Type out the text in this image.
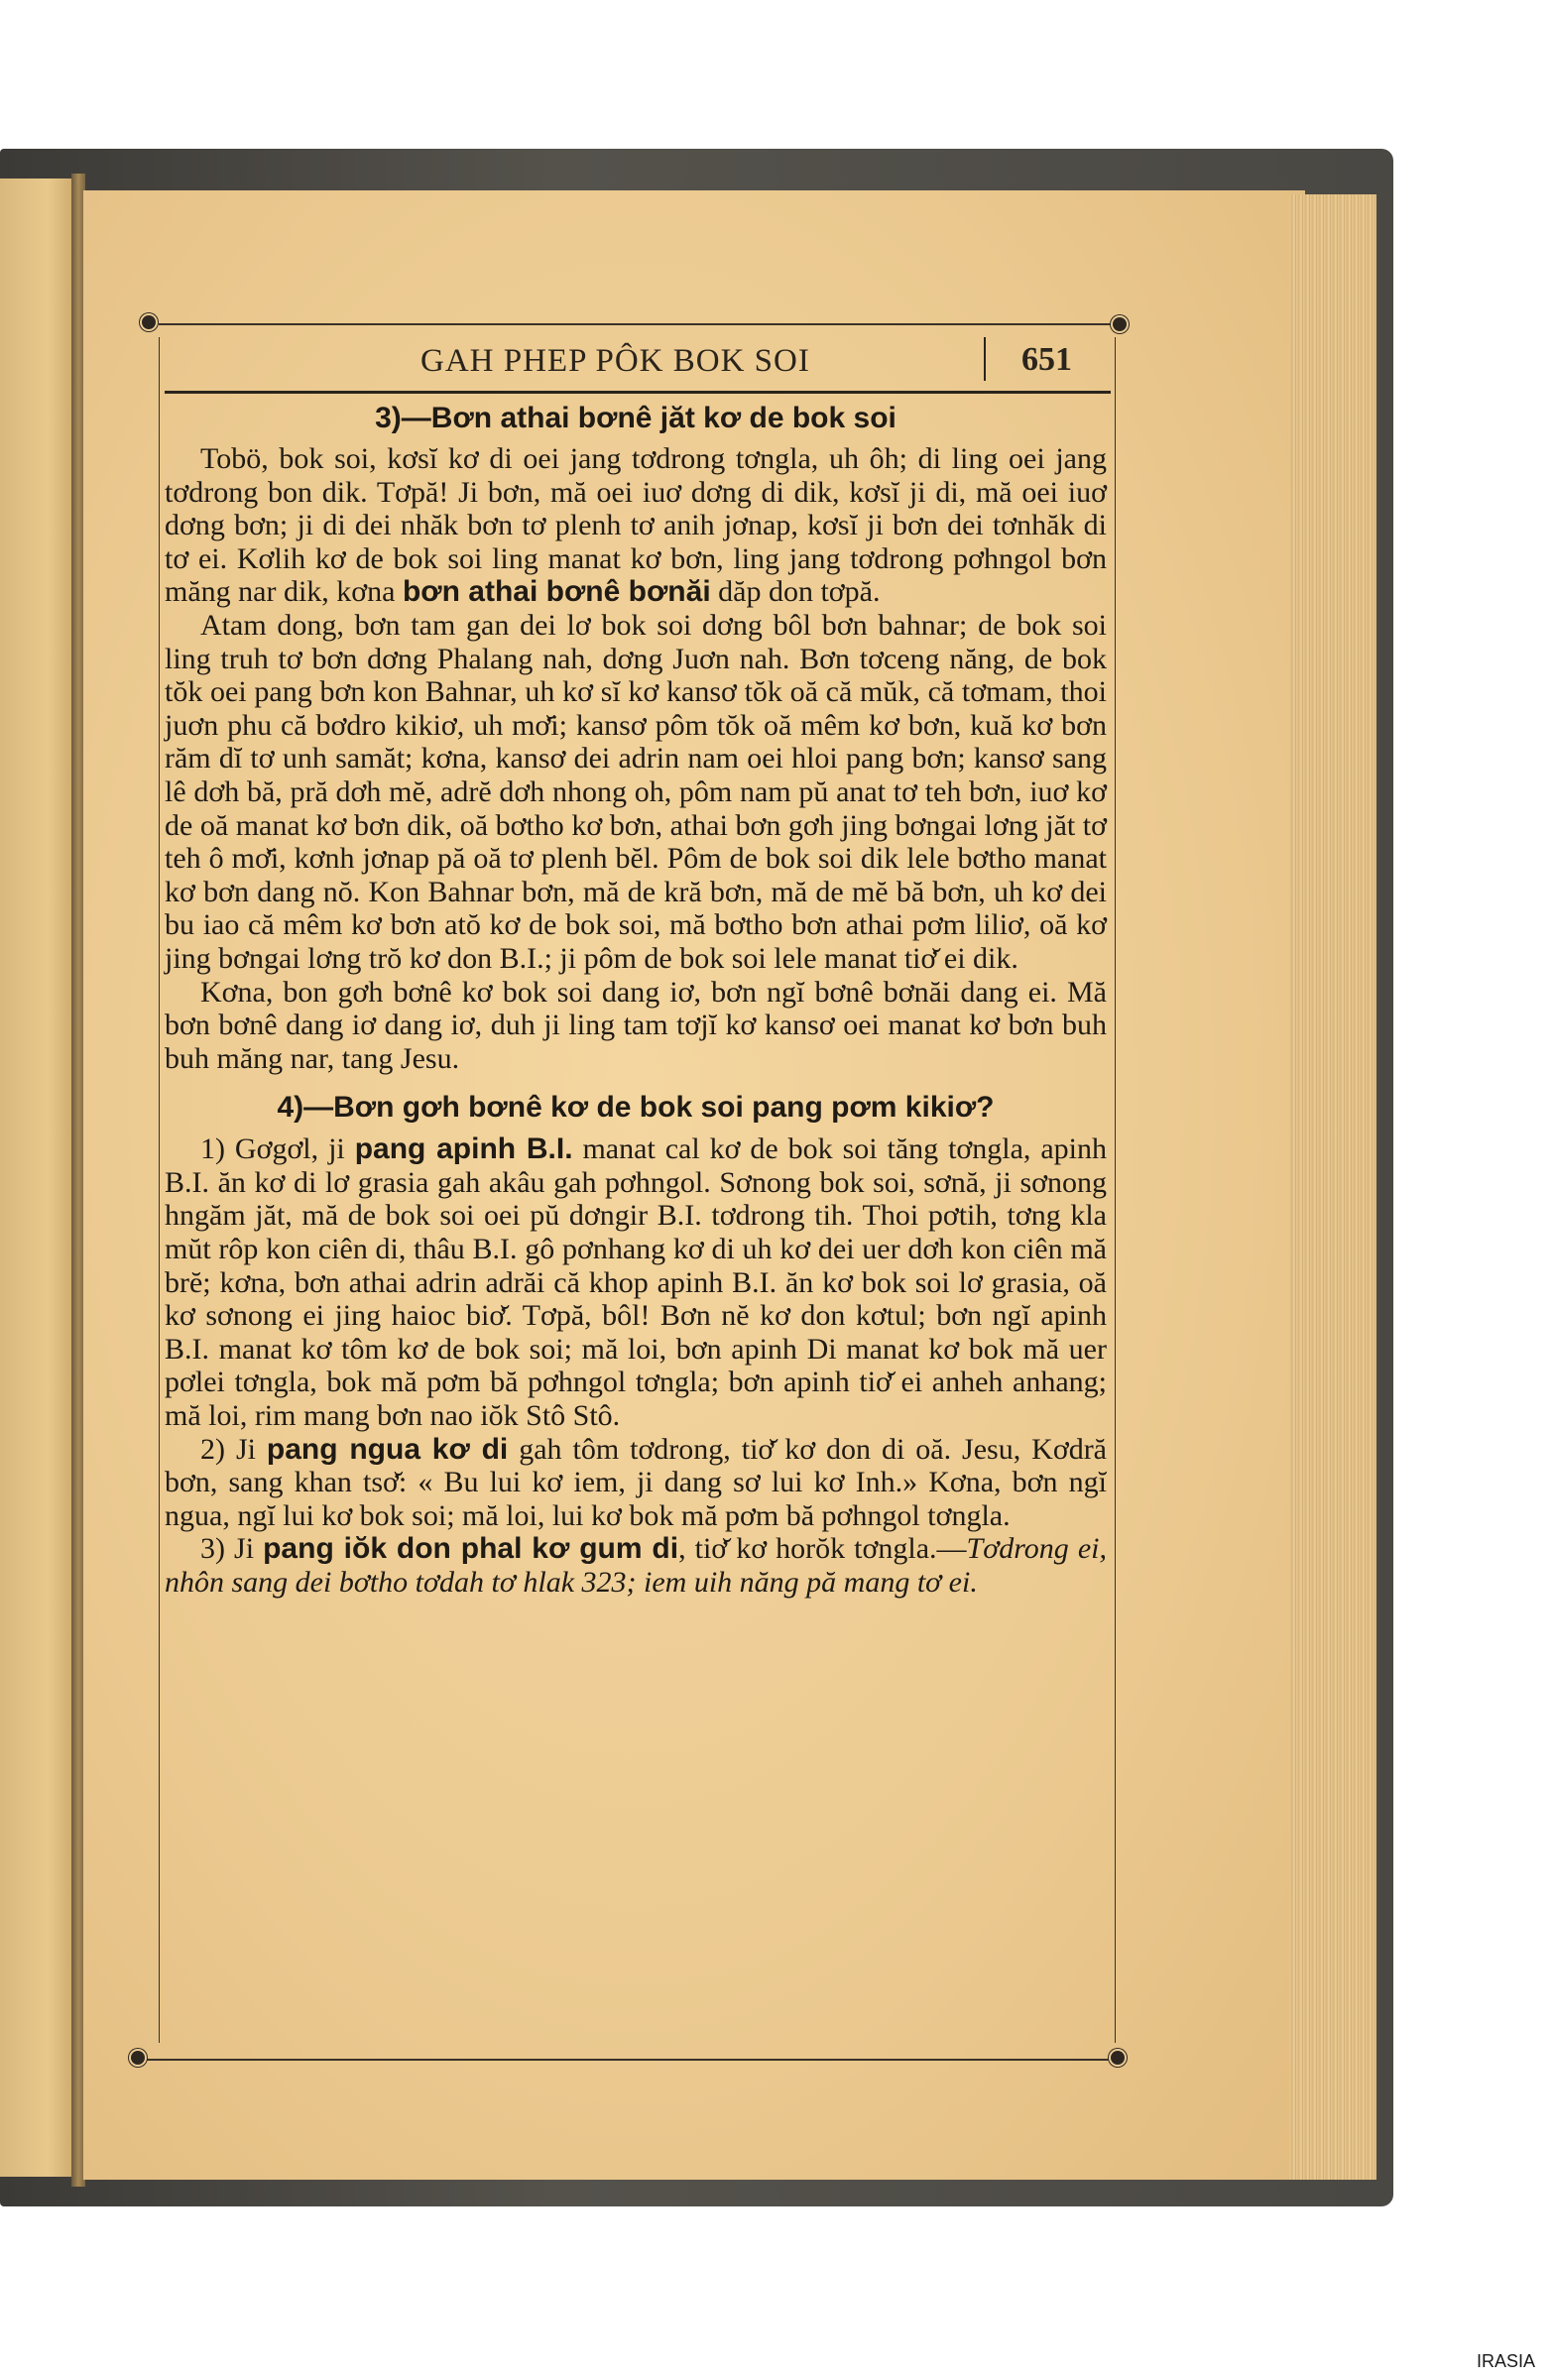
GAH PHEP PÔK BOK SOI	651
3)—Bơn athai bơnê jăt kơ de bok soi

Tobö, bok soi, kơsĭ kơ di oei jang tơdrong tơngla, uh ôh; di ling oei jang tơdrong bon dik. Tơpă! Ji bơn, mă oei iuơ dơng di dik, kơsĭ ji di, mă oei iuơ dơng bơn; ji di dei nhăk bơn tơ plenh tơ anih jơnap, kơsĭ ji bơn dei tơnhăk di tơ ei. Kơlih kơ de bok soi ling manat kơ bơn, ling jang tơdrong pơhngol bơn măng nar dik, kơna bơn athai bơnê bơnăi dăp don tơpă.

Atam dong, bơn tam gan dei lơ bok soi dơng bôl bơn bahnar; de bok soi ling truh tơ bơn dơng Phalang nah, dơng Juơn nah. Bơn tơceng năng, de bok tŏk oei pang bơn kon Bahnar, uh kơ sĭ kơ kansơ tŏk oă că mŭk, că tơmam, thoi juơn phu că bơdro kikiơ, uh mơ̆i; kansơ pôm tŏk oă mêm kơ bơn, kuă kơ bơn răm dĭ tơ unh samăt; kơna, kansơ dei adrin nam oei hloi pang bơn; kansơ sang lê dơh bă, pră dơh mĕ, adrĕ dơh nhong oh, pôm nam pŭ anat tơ teh bơn, iuơ kơ de oă manat kơ bơn dik, oă bơtho kơ bơn, athai bơn gơh jing bơngai lơng jăt tơ teh ô mơ̆i, kơnh jơnap pă oă tơ plenh bĕl. Pôm de bok soi dik lele bơtho manat kơ bơn dang nŏ. Kon Bahnar bơn, mă de kră bơn, mă de mĕ bă bơn, uh kơ dei bu iao că mêm kơ bơn atŏ kơ de bok soi, mă bơtho bơn athai pơm liliơ, oă kơ jing bơngai lơng trŏ kơ don B.I.; ji pôm de bok soi lele manat tiơ̆ ei dik.

Kơna, bon gơh bơnê kơ bok soi dang iơ, bơn ngĭ bơnê bơnăi dang ei. Mă bơn bơnê dang iơ dang iơ, duh ji ling tam tơjĭ kơ kansơ oei manat kơ bơn buh buh măng nar, tang Jesu.

4)—Bơn gơh bơnê kơ de bok soi pang pơm kikiơ?

1) Gơgơl, ji pang apinh B.I. manat cal kơ de bok soi tăng tơngla, apinh B.I. ăn kơ di lơ grasia gah akâu gah pơhngol. Sơnong bok soi, sơnă, ji sơnong hngăm jăt, mă de bok soi oei pŭ dơngir B.I. tơdrong tih. Thoi pơtih, tơng kla mŭt rôp kon ciên di, thâu B.I. gô pơnhang kơ di uh kơ dei uer dơh kon ciên mă brĕ; kơna, bơn athai adrin adrăi că khop apinh B.I. ăn kơ bok soi lơ grasia, oă kơ sơnong ei jing haioc biơ̆. Tơpă, bôl! Bơn nĕ kơ don kơtul; bơn ngĭ apinh B.I. manat kơ tôm kơ de bok soi; mă loi, bơn apinh Di manat kơ bok mă uer pơlei tơngla, bok mă pơm bă pơhngol tơngla; bơn apinh tiơ̆ ei anheh anhang; mă loi, rim mang bơn nao iŏk Stô Stô.

2) Ji pang ngua kơ di gah tôm tơdrong, tiơ̆ kơ don di oă. Jesu, Kơdră bơn, sang khan tsơ̆: « Bu lui kơ iem, ji dang sơ lui kơ Inh.» Kơna, bơn ngĭ ngua, ngĭ lui kơ bok soi; mă loi, lui kơ bok mă pơm bă pơhngol tơngla.

3) Ji pang iŏk don phal kơ gum di, tiơ̆ kơ horŏk tơngla.—Tơdrong ei, nhôn sang dei bơtho tơdah tơ hlak 323; iem uih năng pă mang tơ ei.

IRASIA
